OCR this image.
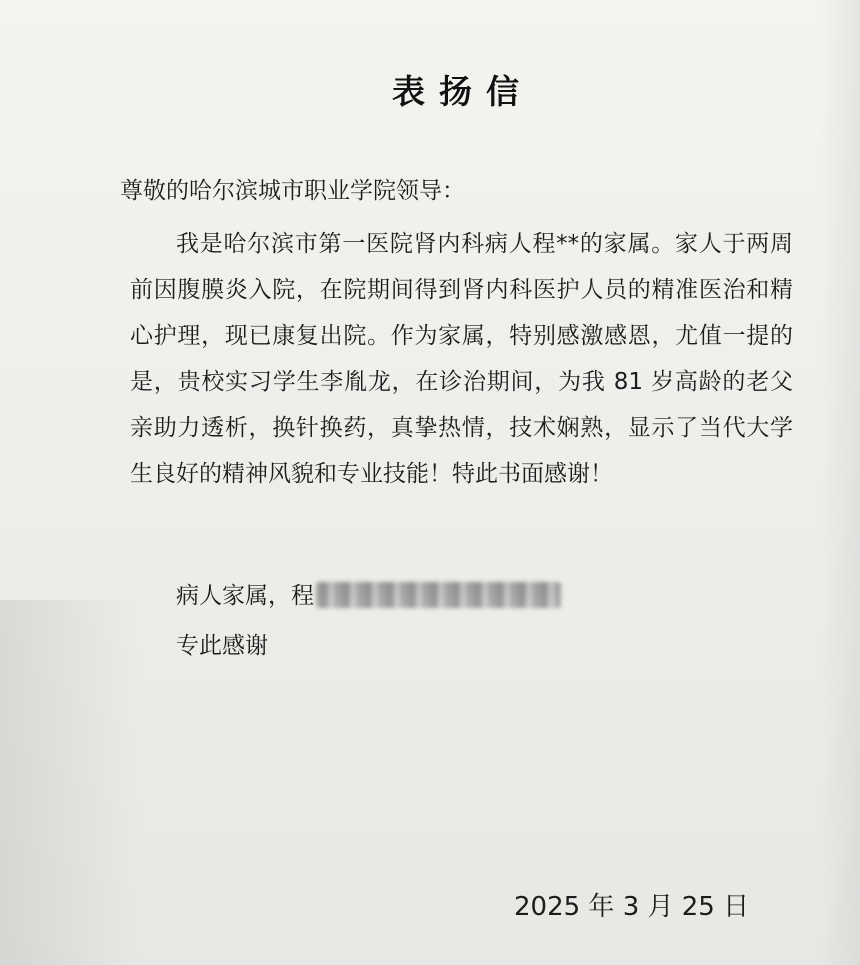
表扬信
尊敬的哈尔滨城市职业学院领导：

我是哈尔滨市第一医院肾内科病人程**的家属。家人于两周前因腹膜炎入院，在院期间得到肾内科医护人员的精准医治和精心护理，现已康复出院。作为家属，特别感激感恩，尤值一提的是，贵校实习学生李胤龙，在诊治期间，为我 81 岁高龄的老父亲助力透析，换针换药，真挚热情，技术娴熟，显示了当代大学生良好的精神风貌和专业技能！特此书面感谢！

病人家属，程
专此感谢
2025 年 3 月 25 日
